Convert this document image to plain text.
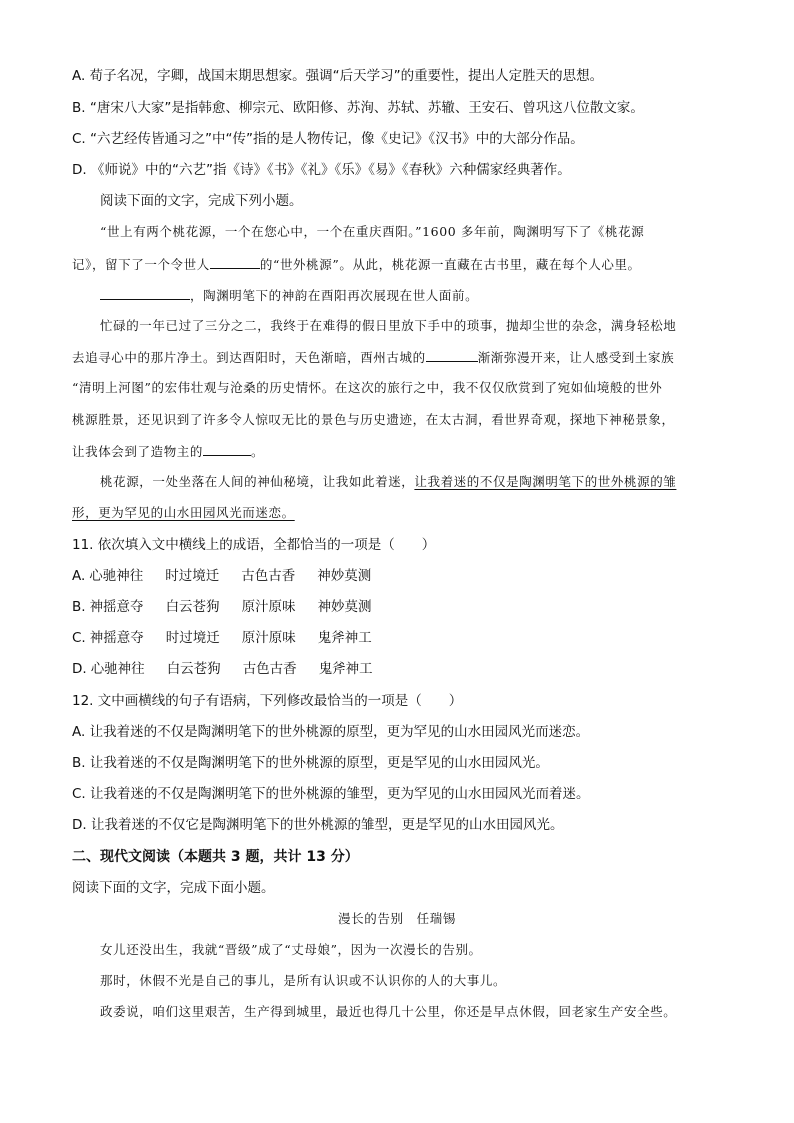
A. 荀子名况，字卿，战国末期思想家。强调“后天学习”的重要性，提出人定胜天的思想。
B. “唐宋八大家”是指韩愈、柳宗元、欧阳修、苏洵、苏轼、苏辙、王安石、曾巩这八位散文家。
C. “六艺经传皆通习之”中“传”指的是人物传记，像《史记》《汉书》中的大部分作品。
D. 《师说》中的“六艺”指《诗》《书》《礼》《乐》《易》《春秋》六种儒家经典著作。
阅读下面的文字，完成下列小题。
“世上有两个桃花源，一个在您心中，一个在重庆酉阳。”1600 多年前，陶渊明写下了《桃花源
记》，留下了一个令世人	的“世外桃源”。从此，桃花源一直藏在古书里，藏在每个人心里。
，陶渊明笔下的神韵在酉阳再次展现在世人面前。
忙碌的一年已过了三分之二，我终于在难得的假日里放下手中的琐事，抛却尘世的杂念，满身轻松地
去追寻心中的那片净土。到达酉阳时，天色渐暗，酉州古城的	渐渐弥漫开来，让人感受到土家族
“清明上河图”的宏伟壮观与沧桑的历史情怀。在这次的旅行之中，我不仅仅欣赏到了宛如仙境般的世外
桃源胜景，还见识到了许多令人惊叹无比的景色与历史遗迹，在太古洞，看世界奇观，探地下神秘景象，
让我体会到了造物主的	。
桃花源，一处坐落在人间的神仙秘境，让我如此着迷，让我着迷的不仅是陶渊明笔下的世外桃源的雏
形，更为罕见的山水田园风光而迷恋。
11. 依次填入文中横线上的成语，全都恰当的一项是（　　）
A. 心驰神往 时过境迁 古色古香 神妙莫测
B. 神摇意夺 白云苍狗 原汁原味 神妙莫测
C. 神摇意夺 时过境迁 原汁原味 鬼斧神工
D. 心驰神往 白云苍狗 古色古香 鬼斧神工
12. 文中画横线的句子有语病，下列修改最恰当的一项是（　　）
A. 让我着迷的不仅是陶渊明笔下的世外桃源的原型，更为罕见的山水田园风光而迷恋。
B. 让我着迷的不仅是陶渊明笔下的世外桃源的原型，更是罕见的山水田园风光。
C. 让我着迷的不仅是陶渊明笔下的世外桃源的雏型，更为罕见的山水田园风光而着迷。
D. 让我着迷的不仅它是陶渊明笔下的世外桃源的雏型，更是罕见的山水田园风光。
二、现代文阅读（本题共 3 题，共计 13 分）
阅读下面的文字，完成下面小题。
漫长的告别　任瑞锡
女儿还没出生，我就“晋级”成了“丈母娘”，因为一次漫长的告别。
那时，休假不光是自己的事儿，是所有认识或不认识你的人的大事儿。
政委说，咱们这里艰苦，生产得到城里，最近也得几十公里，你还是早点休假，回老家生产安全些。
